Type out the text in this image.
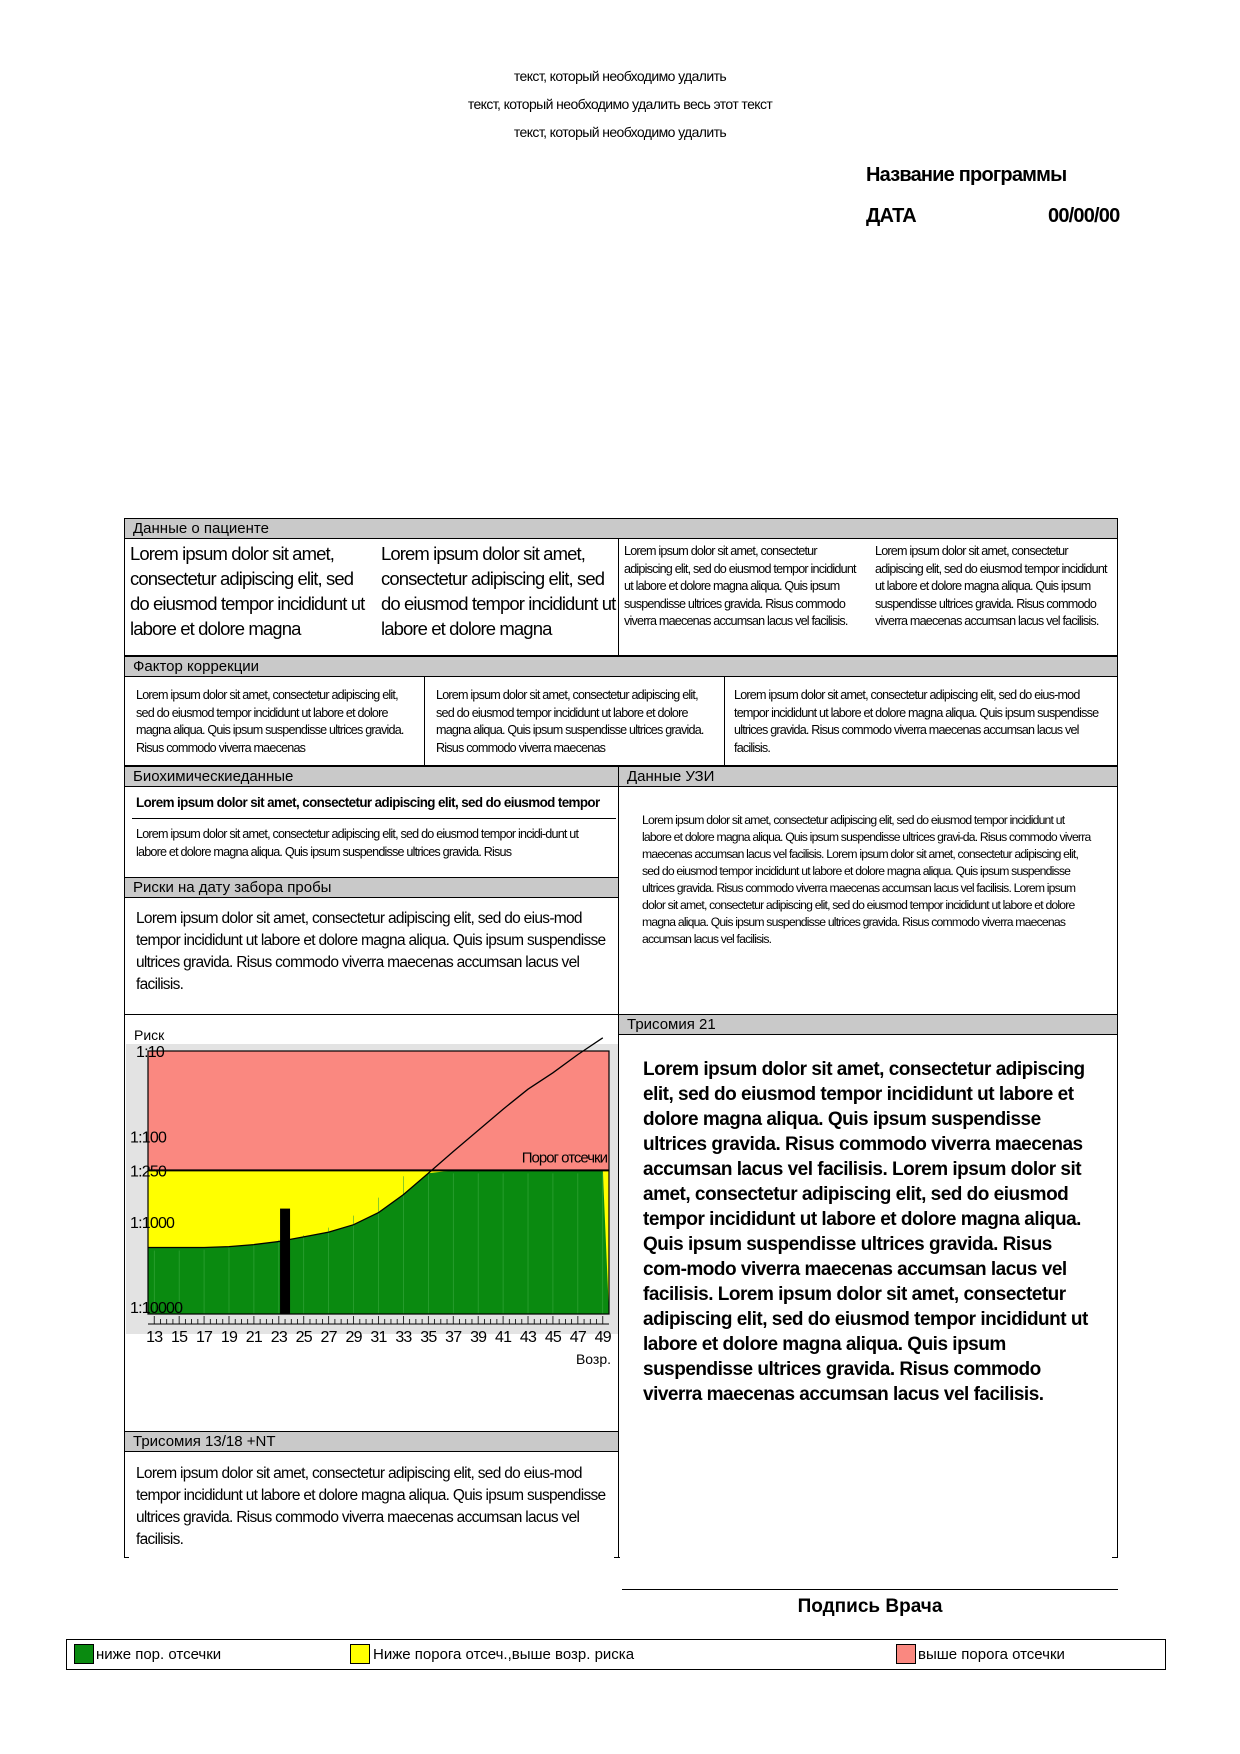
текст, который необходимо удалить
текст, который необходимо удалить весь этот текст
текст, который необходимо удалить
Название программы
ДАТА	00/00/00
Данные о пациенте
Lorem ipsum dolor sit amet, consectetur adipiscing elit, sed do eiusmod tempor incididunt ut labore et dolore magna
Lorem ipsum dolor sit amet, consectetur adipiscing elit, sed do eiusmod tempor incididunt ut labore et dolore magna
Lorem ipsum dolor sit amet, consectetur adipiscing elit, sed do eiusmod tempor incididunt ut labore et dolore magna aliqua. Quis ipsum suspendisse ultrices gravida. Risus commodo viverra maecenas accumsan lacus vel facilisis.
Lorem ipsum dolor sit amet, consectetur adipiscing elit, sed do eiusmod tempor incididunt ut labore et dolore magna aliqua. Quis ipsum suspendisse ultrices gravida. Risus commodo viverra maecenas accumsan lacus vel facilisis.
Фактор коррекции
Lorem ipsum dolor sit amet, consectetur adipiscing elit, sed do eiusmod tempor incididunt ut labore et dolore magna aliqua. Quis ipsum suspendisse ultrices gravida. Risus commodo viverra maecenas
Lorem ipsum dolor sit amet, consectetur adipiscing elit, sed do eiusmod tempor incididunt ut labore et dolore magna aliqua. Quis ipsum suspendisse ultrices gravida. Risus commodo viverra maecenas
Lorem ipsum dolor sit amet, consectetur adipiscing elit, sed do eius-mod tempor incididunt ut labore et dolore magna aliqua. Quis ipsum suspendisse ultrices gravida. Risus commodo viverra maecenas accumsan lacus vel facilisis.
Биохимическиеданные
Lorem ipsum dolor sit amet, consectetur adipiscing elit, sed do eiusmod tempor
Lorem ipsum dolor sit amet, consectetur adipiscing elit, sed do eiusmod tempor incidi-dunt ut labore et dolore magna aliqua. Quis ipsum suspendisse ultrices gravida. Risus
Данные УЗИ
Lorem ipsum dolor sit amet, consectetur adipiscing elit, sed do eiusmod tempor incididunt ut labore et dolore magna aliqua. Quis ipsum suspendisse ultrices gravi-da. Risus commodo viverra maecenas accumsan lacus vel facilisis. Lorem ipsum dolor sit amet, consectetur adipiscing elit, sed do eiusmod tempor incididunt ut labore et dolore magna aliqua. Quis ipsum suspendisse ultrices gravida. Risus commodo viverra maecenas accumsan lacus vel facilisis. Lorem ipsum dolor sit amet, consectetur adipiscing elit, sed do eiusmod tempor incididunt ut labore et dolore magna aliqua. Quis ipsum suspendisse ultrices gravida. Risus commodo viverra maecenas accumsan lacus vel facilisis.
Риски на дату забора пробы
Lorem ipsum dolor sit amet, consectetur adipiscing elit, sed do eius-mod tempor incididunt ut labore et dolore magna aliqua. Quis ipsum suspendisse ultrices gravida. Risus commodo viverra maecenas accumsan lacus vel facilisis.
Порог отсечки
1:10
1:100
1:250
1:1000
1:10000
Риск
13 15 17 19 21 23 25 27 29 31 33 35 37 39 41 43 45 47 49
Возр.
Трисомия 21
Lorem ipsum dolor sit amet, consectetur adipiscing elit, sed do eiusmod tempor incididunt ut labore et dolore magna aliqua. Quis ipsum suspendisse ultrices gravida. Risus commodo viverra maecenas accumsan lacus vel facilisis. Lorem ipsum dolor sit amet, consectetur adipiscing elit, sed do eiusmod tempor incididunt ut labore et dolore magna aliqua. Quis ipsum suspendisse ultrices gravida. Risus com-modo viverra maecenas accumsan lacus vel facilisis. Lorem ipsum dolor sit amet, consectetur adipiscing elit, sed do eiusmod tempor incididunt ut labore et dolore magna aliqua. Quis ipsum suspendisse ultrices gravida. Risus commodo viverra maecenas accumsan lacus vel facilisis.
Трисомия 13/18 +NT
Lorem ipsum dolor sit amet, consectetur adipiscing elit, sed do eius-mod tempor incididunt ut labore et dolore magna aliqua. Quis ipsum suspendisse ultrices gravida. Risus commodo viverra maecenas accumsan lacus vel facilisis.
Подпись Врача
ниже пор. отсечки	Ниже порога отсеч.,выше возр. риска	выше порога отсечки
